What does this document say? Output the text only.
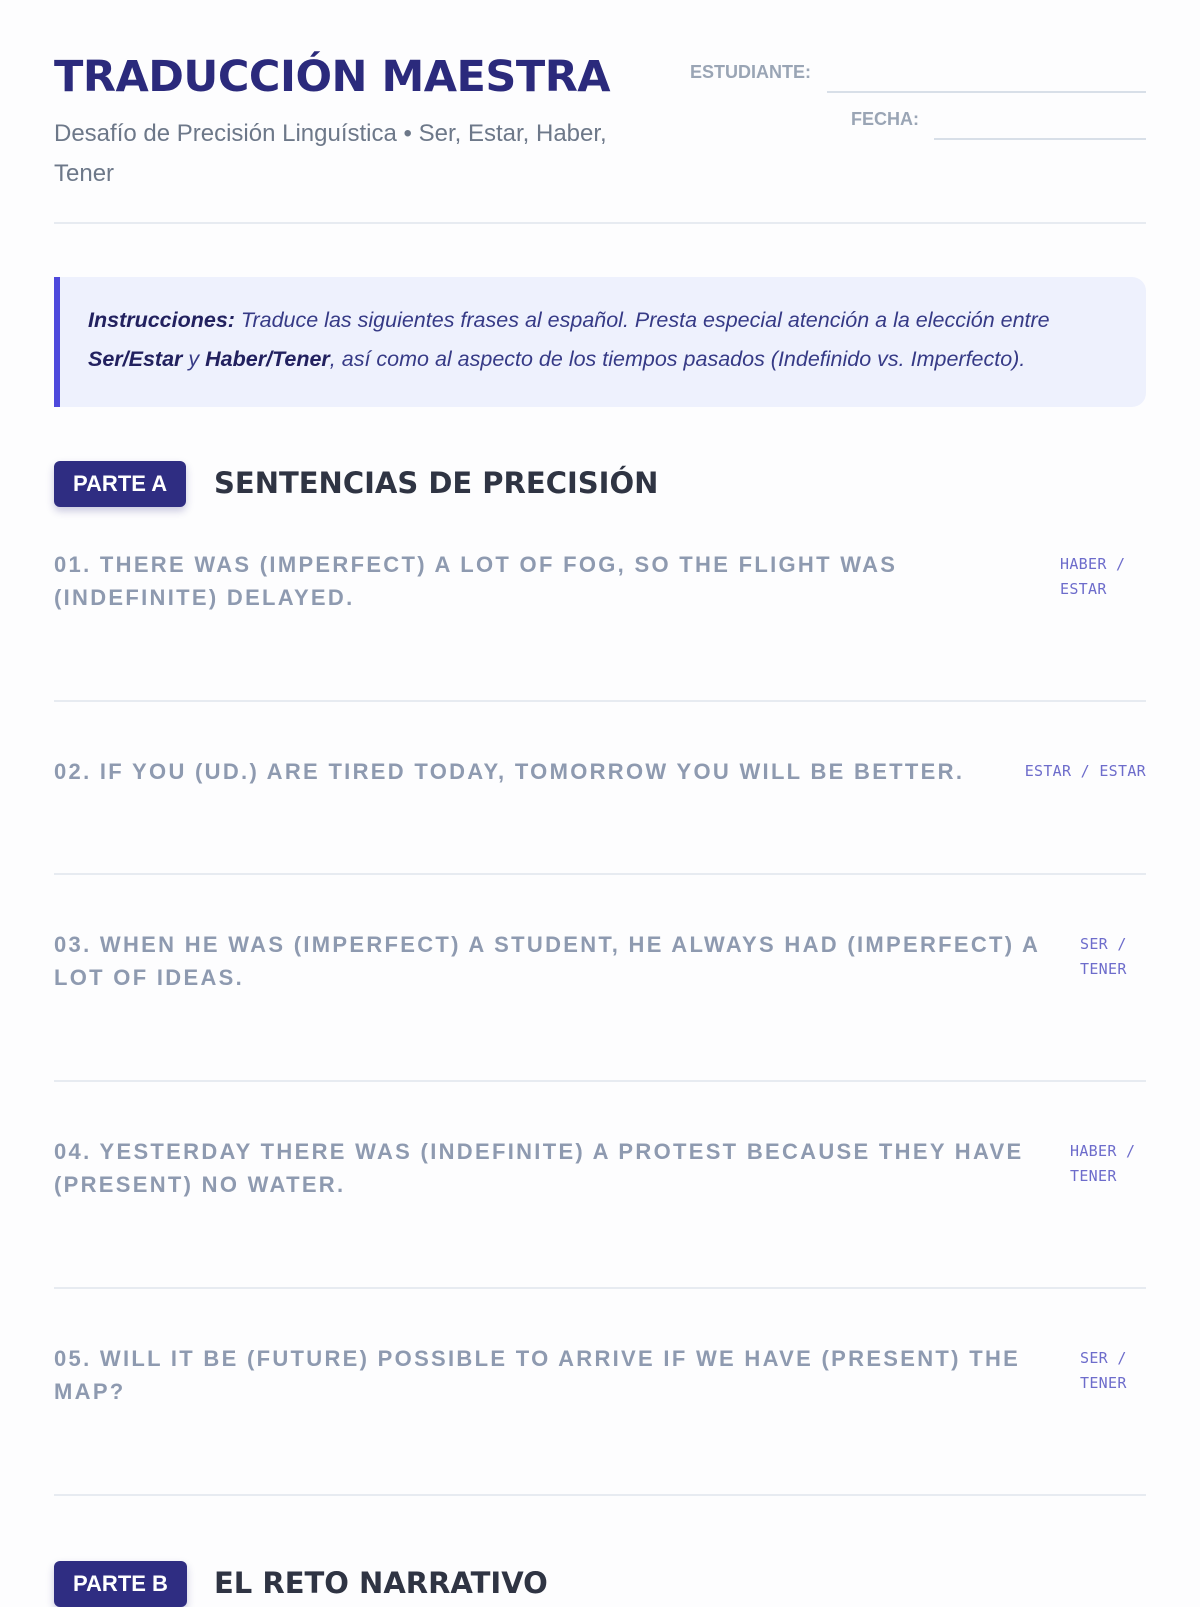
TRADUCCIÓN MAESTRA

Desafío de Precisión Linguística • Ser, Estar, Haber, Tener

ESTUDIANTE:
FECHA:
Instrucciones: Traduce las siguientes frases al español. Presta especial atención a la elección entre Ser/Estar y Haber/Tener, así como al aspecto de los tiempos pasados (Indefinido vs. Imperfecto).
PARTE A	SENTENCIAS DE PRECISIÓN

01. THERE WAS (IMPERFECT) A LOT OF FOG, SO THE FLIGHT WAS (INDEFINITE) DELAYED.

HABER / ESTAR

02. IF YOU (UD.) ARE TIRED TODAY, TOMORROW YOU WILL BE BETTER.	ESTAR / ESTAR

03. WHEN HE WAS (IMPERFECT) A STUDENT, HE ALWAYS HAD (IMPERFECT) A LOT OF IDEAS.

SER / TENER

04. YESTERDAY THERE WAS (INDEFINITE) A PROTEST BECAUSE THEY HAVE (PRESENT) NO WATER.

HABER / TENER

05. WILL IT BE (FUTURE) POSSIBLE TO ARRIVE IF WE HAVE (PRESENT) THE MAP?

SER / TENER
PARTE B	EL RETO NARRATIVO
